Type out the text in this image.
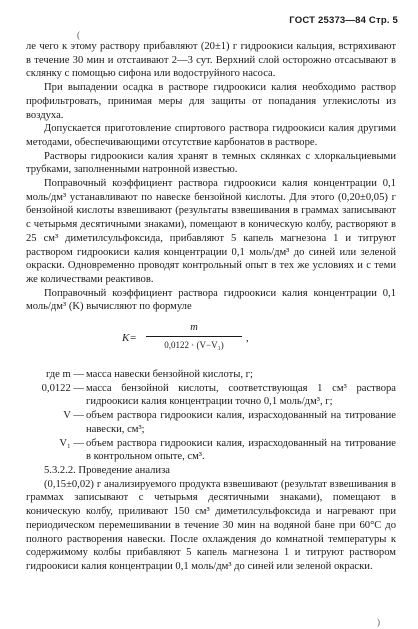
ГОСТ 25373—84 Стр. 5
(

ле чего к этому раствору прибавляют (20±1) г гидроокиси кальция, встряхивают в течение 30 мин и отстаивают 2—3 сут. Верхний слой осторожно отсасывают в склянку с помощью сифона или водоструйного насоса.

При выпадении осадка в растворе гидроокиси калия необходимо раствор профильтровать, принимая меры для защиты от попадания углекислоты из воздуха.

Допускается приготовление спиртового раствора гидроокиси калия другими методами, обеспечивающими отсутствие карбонатов в растворе.

Растворы гидроокиси калия хранят в темных склянках с хлоркальциевыми трубками, заполненными натронной известью.

Поправочный коэффициент раствора гидроокиси калия концентрации 0,1 моль/дм³ устанавливают по навеске бензойной кислоты. Для этого (0,20±0,05) г бензойной кислоты взвешивают (результаты взвешивания в граммах записывают с четырьмя десятичными знаками), помещают в коническую колбу, растворяют в 25 см³ диметилсульфоксида, прибавляют 5 капель магнезона 1 и титруют раствором гидроокиси калия концентрации 0,1 моль/дм³ до синей или зеленой окраски. Одновременно проводят контрольный опыт в тех же условиях и с теми же количествами реактивов.

Поправочный коэффициент раствора гидроокиси калия концентрации 0,1 моль/дм³ (K) вычисляют по формуле

K=
m
0,0122 · (V−V₁)
,
где m — масса навески бензойной кислоты, г;
0,0122 — масса бензойной кислоты, соответствующая 1 см³ раствора гидроокиси калия концентрации точно 0,1 моль/дм³, г;
V — объем раствора гидроокиси калия, израсходованный на титрование навески, см³;
V₁ — объем раствора гидроокиси калия, израсходованный на титрование в контрольном опыте, см³.

5.3.2.2. Проведение анализа

(0,15±0,02) г анализируемого продукта взвешивают (результат взвешивания в граммах записывают с четырьмя десятичными знаками), помещают в коническую колбу, приливают 150 см³ диметилсульфоксида и нагревают при периодическом перемешивании в течение 30 мин на водяной бане при 60°С до полного растворения навески. После охлаждения до комнатной температуры к содержимому колбы прибавляют 5 капель магнезона 1 и титруют раствором гидроокиси калия концентрации 0,1 моль/дм³ до синей или зеленой окраски.

)
